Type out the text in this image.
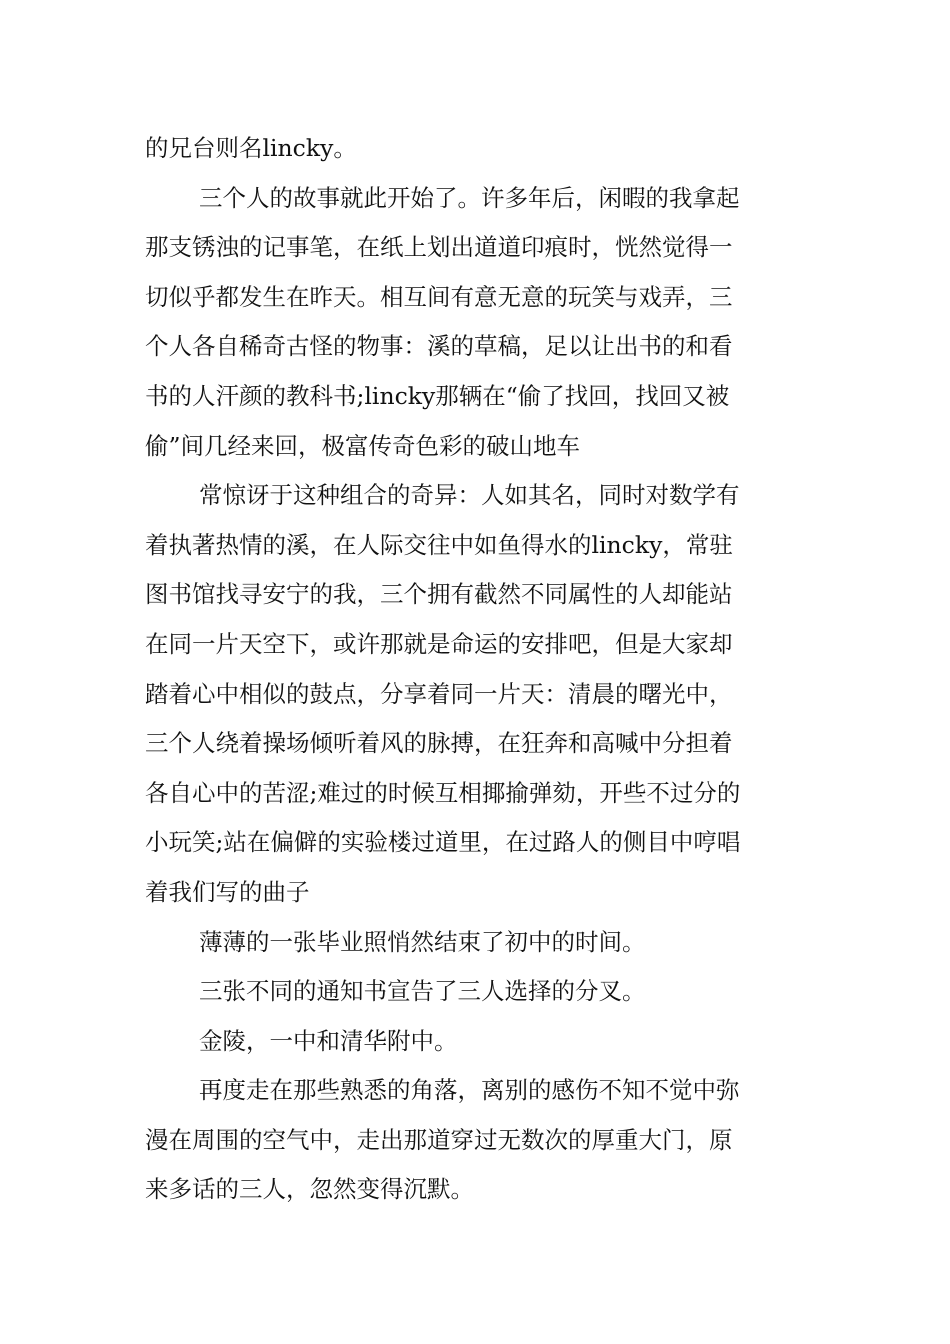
的兄台则名lincky。
三个人的故事就此开始了。许多年后，闲暇的我拿起
那支锈浊的记事笔，在纸上划出道道印痕时，恍然觉得一
切似乎都发生在昨天。相互间有意无意的玩笑与戏弄，三
个人各自稀奇古怪的物事：溪的草稿，足以让出书的和看
书的人汗颜的教科书;lincky那辆在“偷了找回，找回又被
偷”间几经来回，极富传奇色彩的破山地车
常惊讶于这种组合的奇异：人如其名，同时对数学有
着执著热情的溪，在人际交往中如鱼得水的lincky，常驻
图书馆找寻安宁的我，三个拥有截然不同属性的人却能站
在同一片天空下，或许那就是命运的安排吧，但是大家却
踏着心中相似的鼓点，分享着同一片天：清晨的曙光中，
三个人绕着操场倾听着风的脉搏，在狂奔和高喊中分担着
各自心中的苦涩;难过的时候互相揶揄弹劾，开些不过分的
小玩笑;站在偏僻的实验楼过道里，在过路人的侧目中哼唱
着我们写的曲子
薄薄的一张毕业照悄然结束了初中的时间。
三张不同的通知书宣告了三人选择的分叉。
金陵，一中和清华附中。
再度走在那些熟悉的角落，离别的感伤不知不觉中弥
漫在周围的空气中，走出那道穿过无数次的厚重大门，原
来多话的三人，忽然变得沉默。
